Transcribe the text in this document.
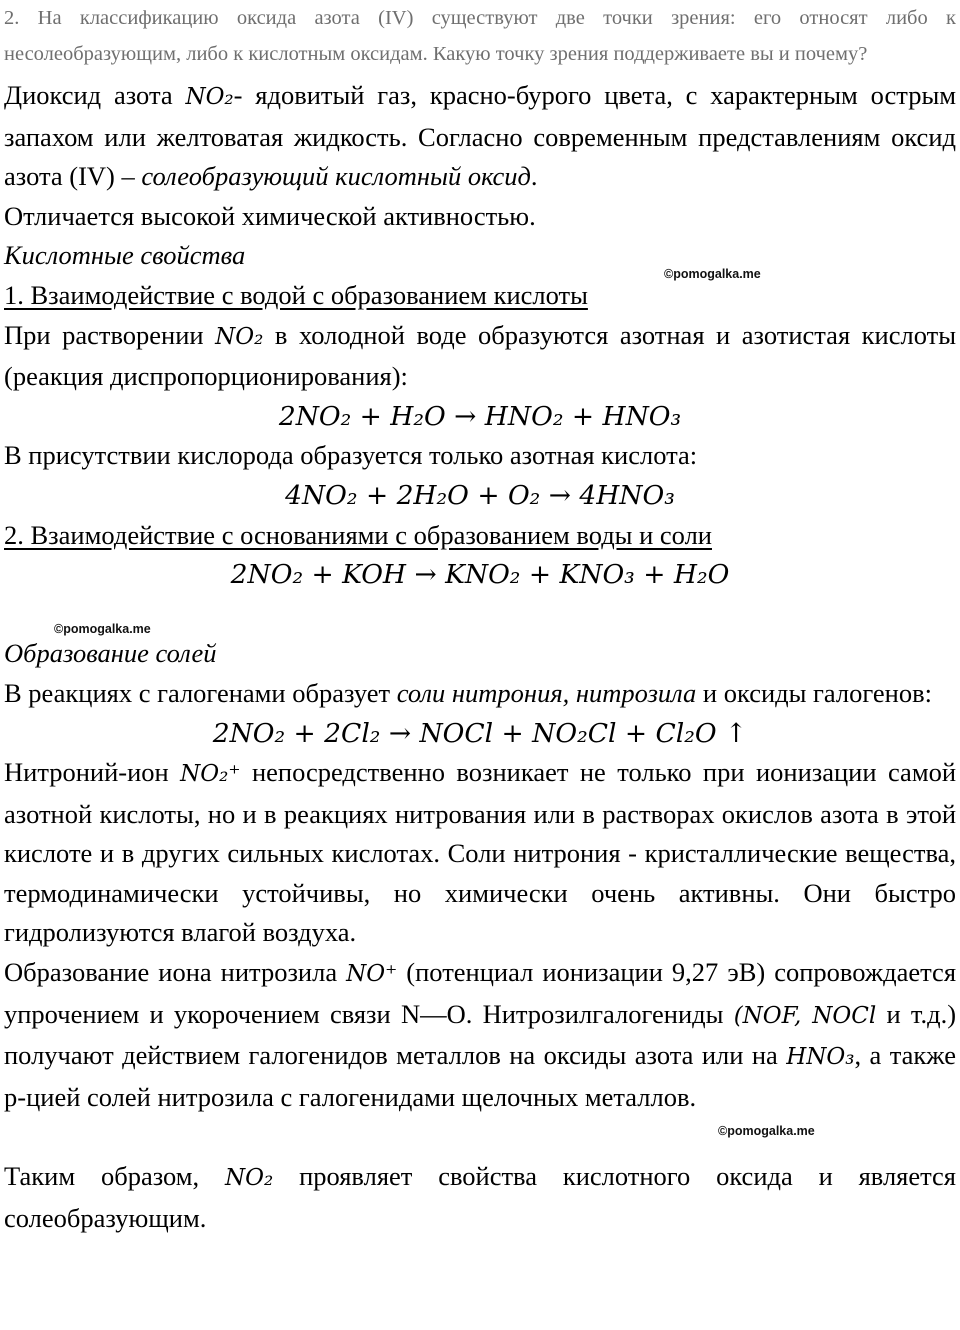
2. На классификацию оксида азота (IV) существуют две точки зрения: его относят либо к несолеобразующим, либо к кислотным оксидам. Какую точку зрения поддерживаете вы и почему?

Диоксид азота NO₂- ядовитый газ, красно-бурого цвета, с характерным острым запахом или желтоватая жидкость. Согласно современным представлениям оксид азота (IV) – солеобразующий кислотный оксид.

Отличается высокой химической активностью.

Кислотные свойства

1. Взаимодействие с водой с образованием кислоты

При растворении NO₂ в холодной воде образуются азотная и азотистая кислоты (реакция диспропорционирования):

2NO₂ + H₂O → HNO₂ + HNO₃

В присутствии кислорода образуется только азотная кислота:

4NO₂ + 2H₂O + O₂ → 4HNO₃

2. Взаимодействие с основаниями с образованием воды и соли

2NO₂ + KOH → KNO₂ + KNO₃ + H₂O

Образование солей

В реакциях с галогенами образует соли нитрония, нитрозила и оксиды галогенов:

2NO₂ + 2Cl₂ → NOCl + NO₂Cl + Cl₂O ↑

Нитроний-ион NO₂⁺ непосредственно возникает не только при ионизации самой азотной кислоты, но и в реакциях нитрования или в растворах окислов азота в этой кислоте и в других сильных кислотах. Соли нитрония - кристаллические вещества, термодинамически устойчивы, но химически очень активны. Они быстро гидролизуются влагой воздуха.

Образование иона нитрозила NO⁺ (потенциал ионизации 9,27 эВ) сопровождается упрочением и укорочением связи N—O. Нитрозилгалогениды (NOF, NOCl и т.д.) получают действием галогенидов металлов на оксиды азота или на HNO₃, а также р-цией солей нитрозила с галогенидами щелочных металлов.

Таким образом, NO₂ проявляет свойства кислотного оксида и является солеобразующим.

©pomogalka.me
©pomogalka.me
©pomogalka.me
